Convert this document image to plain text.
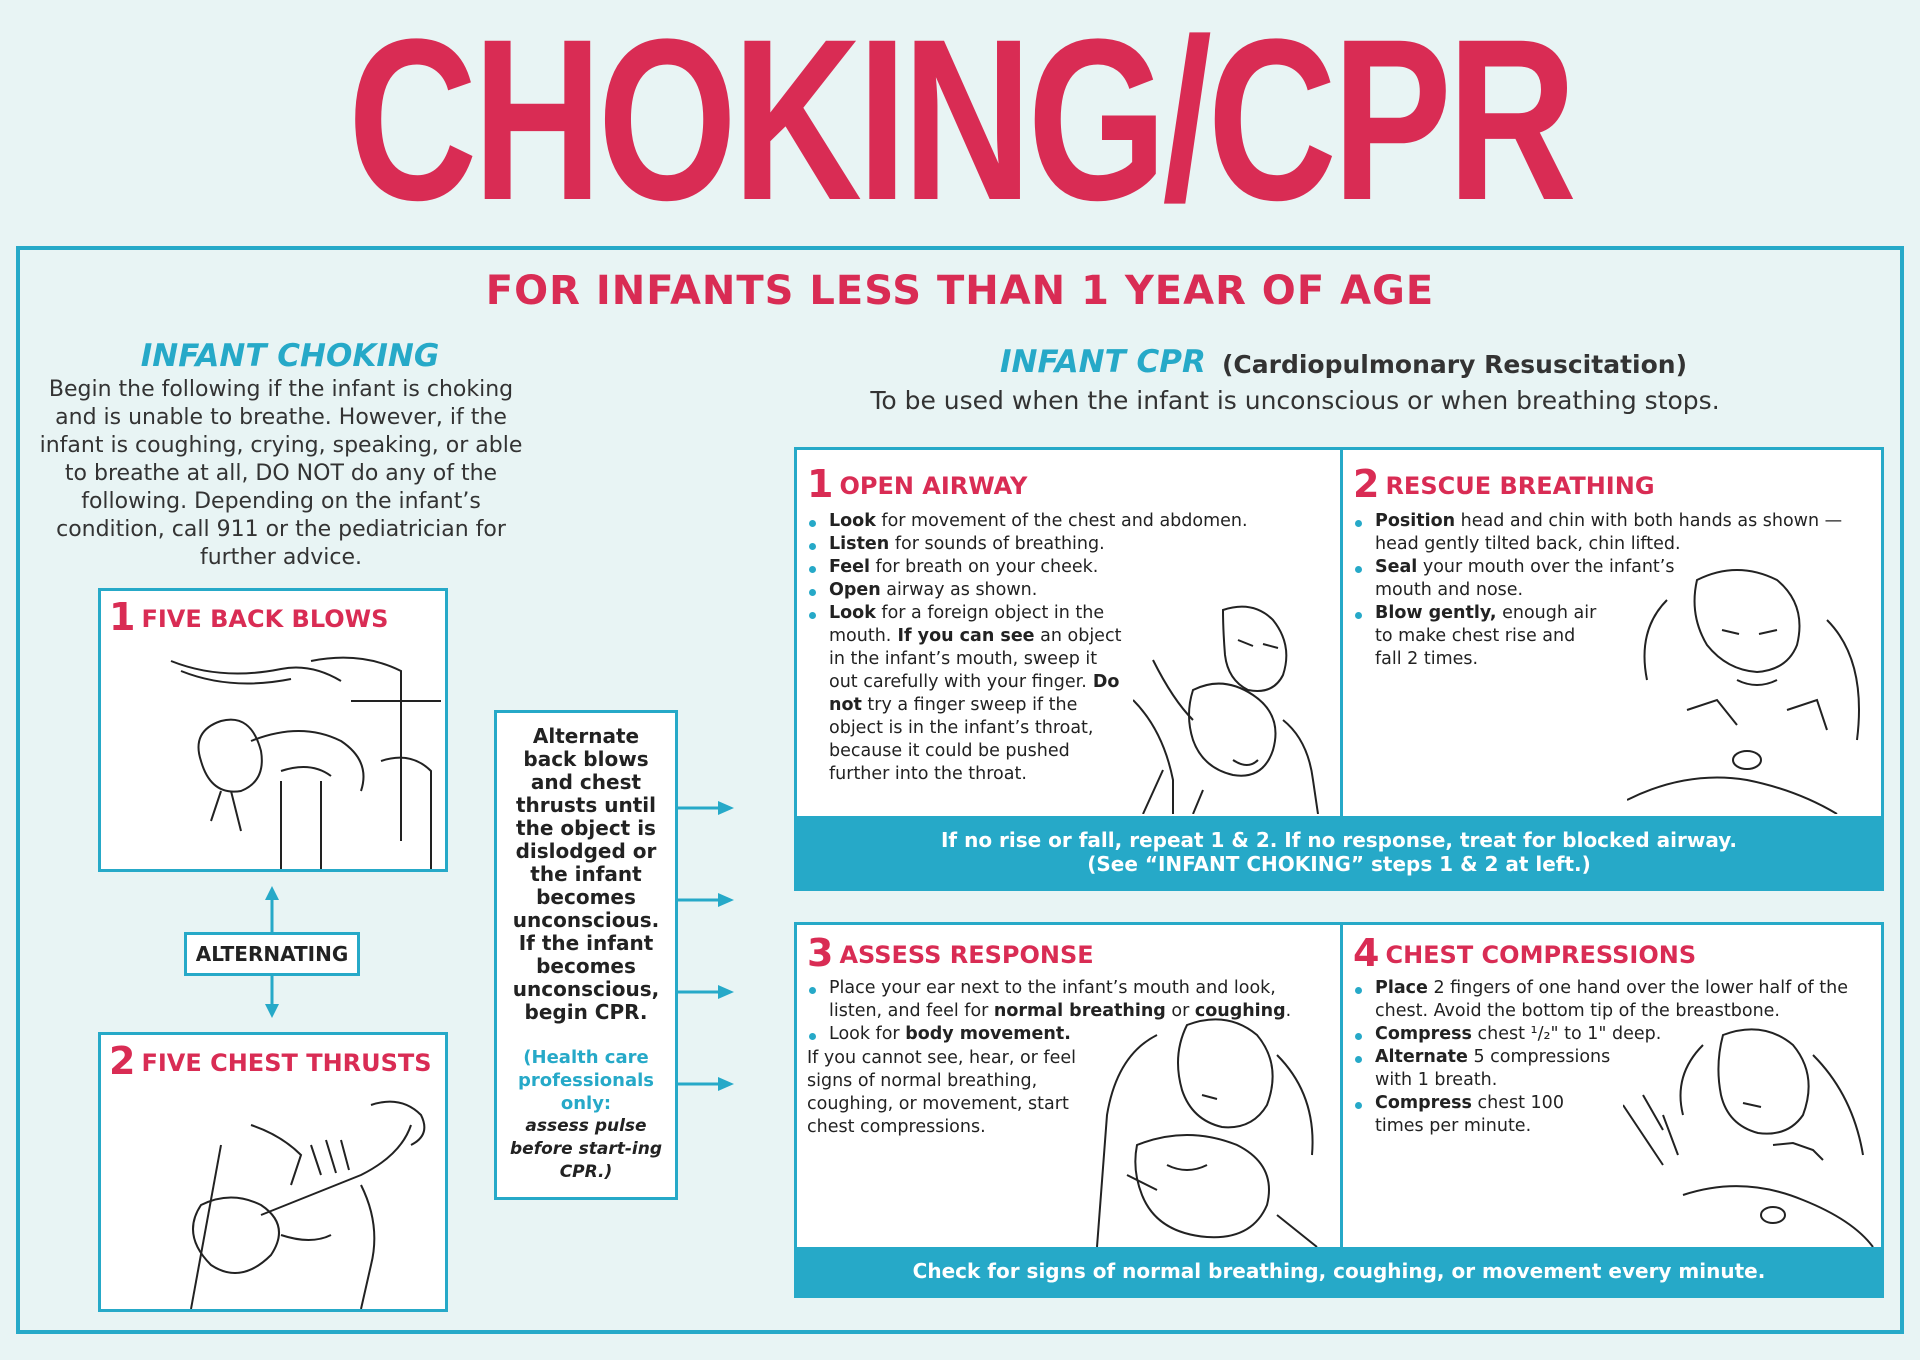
CHOKING/CPR
FOR INFANTS LESS THAN 1 YEAR OF AGE
INFANT CHOKING
Begin the following if the infant is choking and is unable to breathe. However, if the infant is coughing, crying, speaking, or able to breathe at all, DO NOT do any of the following. Depending on the infant’s condition, call 911 or the pediatrician for further advice.
1 FIVE BACK BLOWS
2 FIVE CHEST THRUSTS
ALTERNATING
Alternate back blows and chest thrusts until the object is dislodged or the infant becomes unconscious. If the infant becomes unconscious, begin CPR.
(Health care professionals only:
assess pulse before start-ing CPR.)
INFANT CPR (Cardiopulmonary Resuscitation)
To be used when the infant is unconscious or when breathing stops.
1 OPEN AIRWAY
Look for movement of the chest and abdomen.
Listen for sounds of breathing.
Feel for breath on your cheek.
Open airway as shown.
Look for a foreign object in the mouth. If you can see an object in the infant’s mouth, sweep it out carefully with your finger. Do not try a finger sweep if the object is in the infant’s throat, because it could be pushed further into the throat.
2 RESCUE BREATHING
Position head and chin with both hands as shown — head gently tilted back, chin lifted.
Seal your mouth over the infant’s mouth and nose.
Blow gently, enough air to make chest rise and fall 2 times.
If no rise or fall, repeat 1 & 2. If no response, treat for blocked airway.
(See “INFANT CHOKING” steps 1 & 2 at left.)
3 ASSESS RESPONSE
Place your ear next to the infant’s mouth and look, listen, and feel for normal breathing or coughing.
Look for body movement.
If you cannot see, hear, or feel signs of normal breathing, coughing, or movement, start chest compressions.
4 CHEST COMPRESSIONS
Place 2 fingers of one hand over the lower half of the chest. Avoid the bottom tip of the breastbone.
Compress chest ¹/₂" to 1" deep.
Alternate 5 compressions with 1 breath.
Compress chest 100 times per minute.
Check for signs of normal breathing, coughing, or movement every minute.
